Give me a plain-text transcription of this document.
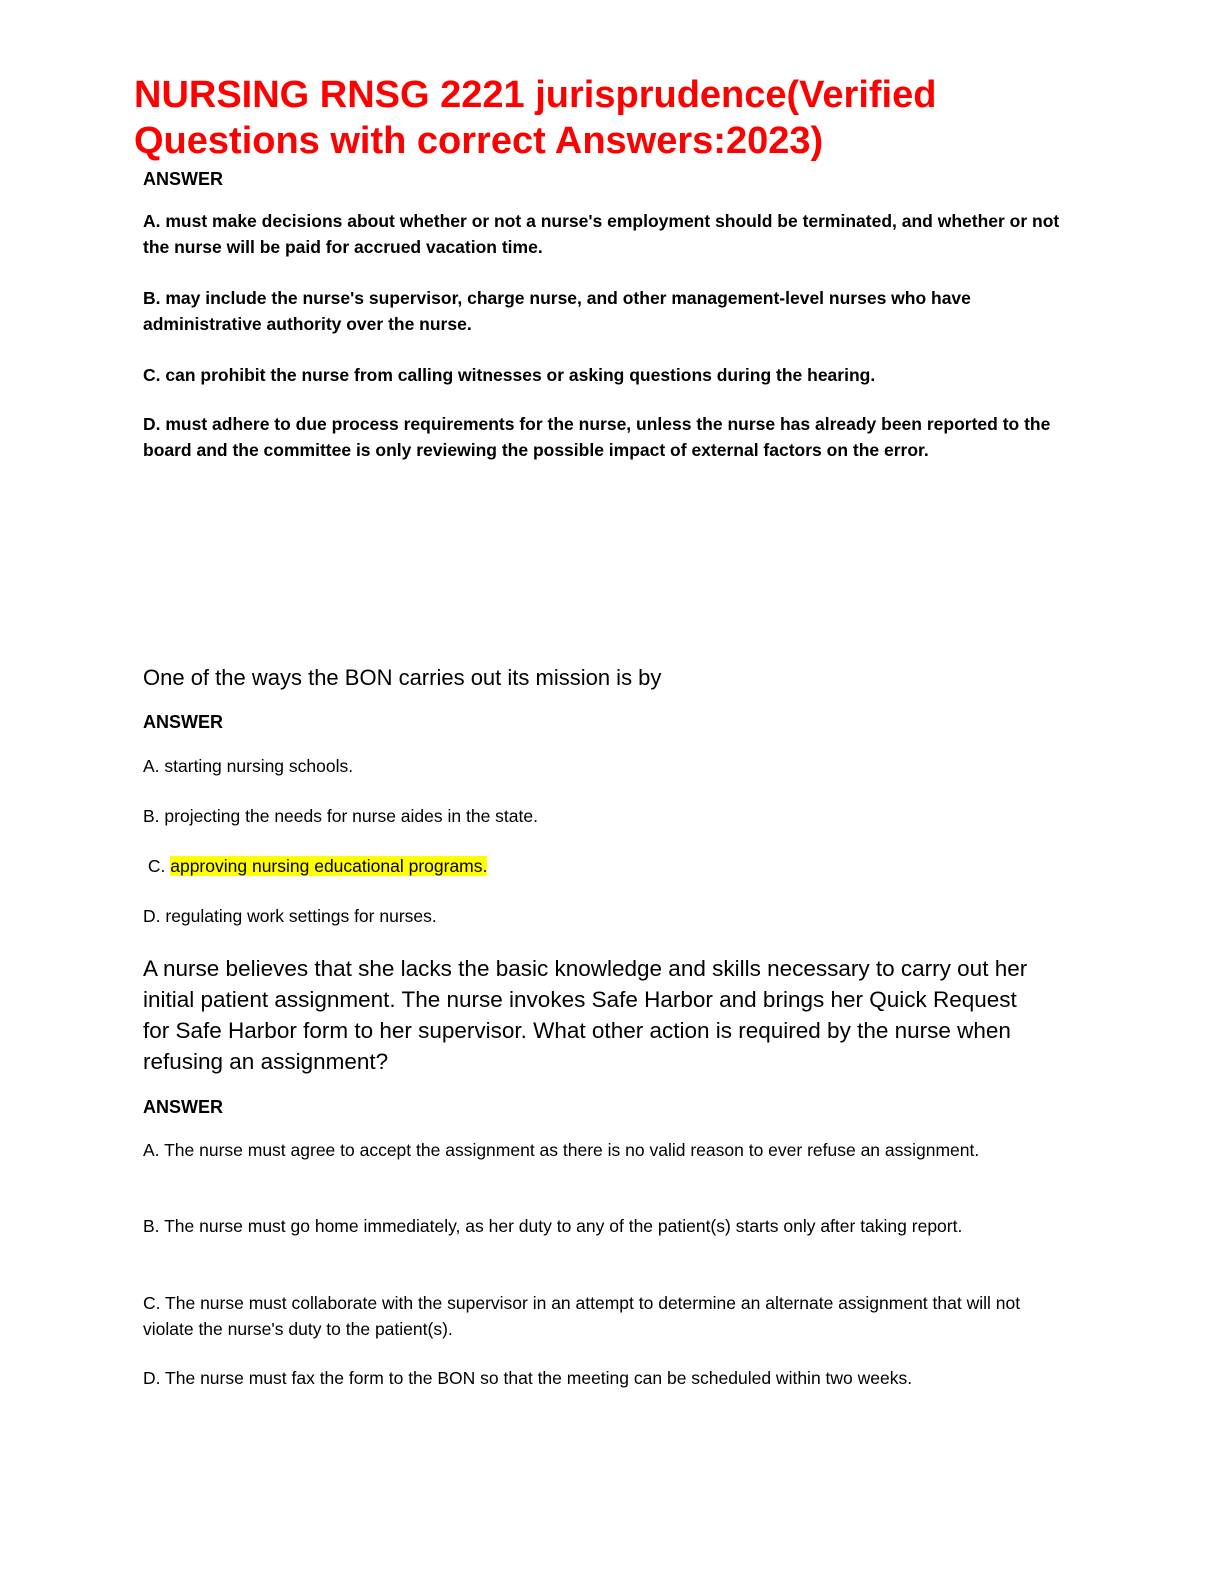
NURSING RNSG 2221 jurisprudence(Verified Questions with correct Answers:2023)

ANSWER

A. must make decisions about whether or not a nurse's employment should be terminated, and whether or not the nurse will be paid for accrued vacation time.

B. may include the nurse's supervisor, charge nurse, and other management-level nurses who have administrative authority over the nurse.

C. can prohibit the nurse from calling witnesses or asking questions during the hearing.

D. must adhere to due process requirements for the nurse, unless the nurse has already been reported to the board and the committee is only reviewing the possible impact of external factors on the error.

One of the ways the BON carries out its mission is by

ANSWER

A. starting nursing schools.

B. projecting the needs for nurse aides in the state.

C. approving nursing educational programs.

D. regulating work settings for nurses.

A nurse believes that she lacks the basic knowledge and skills necessary to carry out her initial patient assignment. The nurse invokes Safe Harbor and brings her Quick Request for Safe Harbor form to her supervisor. What other action is required by the nurse when refusing an assignment?

ANSWER

A. The nurse must agree to accept the assignment as there is no valid reason to ever refuse an assignment.

B. The nurse must go home immediately, as her duty to any of the patient(s) starts only after taking report.

C. The nurse must collaborate with the supervisor in an attempt to determine an alternate assignment that will not violate the nurse's duty to the patient(s).

D. The nurse must fax the form to the BON so that the meeting can be scheduled within two weeks.
